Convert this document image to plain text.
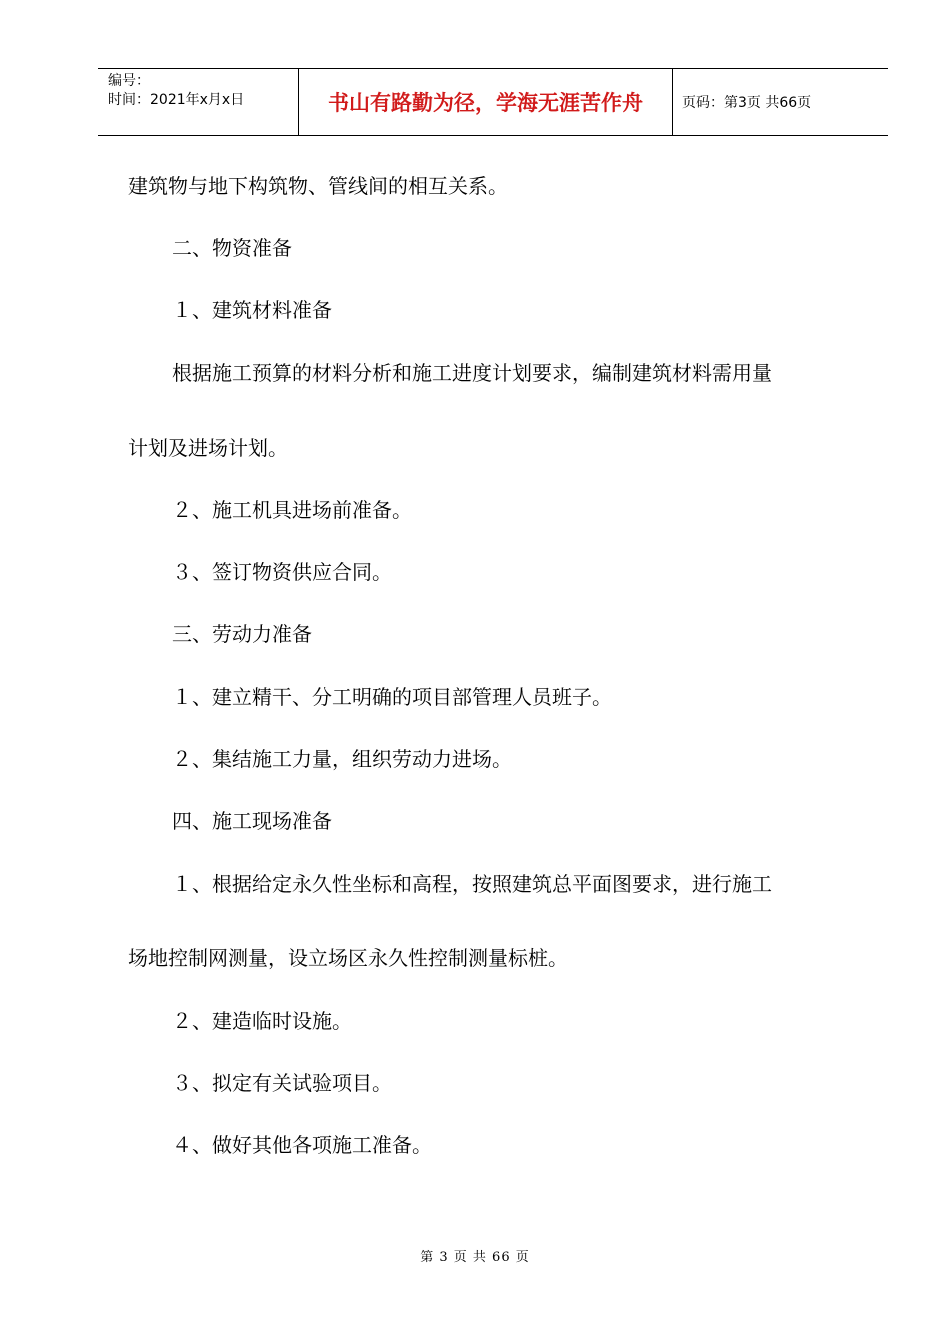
编号：
时间：2021年x月x日	书山有路勤为径，学海无涯苦作舟	页码：第3页 共66页
建筑物与地下构筑物、管线间的相互关系。
二、物资准备
１、建筑材料准备
根据施工预算的材料分析和施工进度计划要求，编制建筑材料需用量
计划及进场计划。
２、施工机具进场前准备。
３、签订物资供应合同。
三、劳动力准备
１、建立精干、分工明确的项目部管理人员班子。
２、集结施工力量，组织劳动力进场。
四、施工现场准备
１、根据给定永久性坐标和高程，按照建筑总平面图要求，进行施工
场地控制网测量，设立场区永久性控制测量标桩。
２、建造临时设施。
３、拟定有关试验项目。
４、做好其他各项施工准备。
第 3 页 共 66 页
